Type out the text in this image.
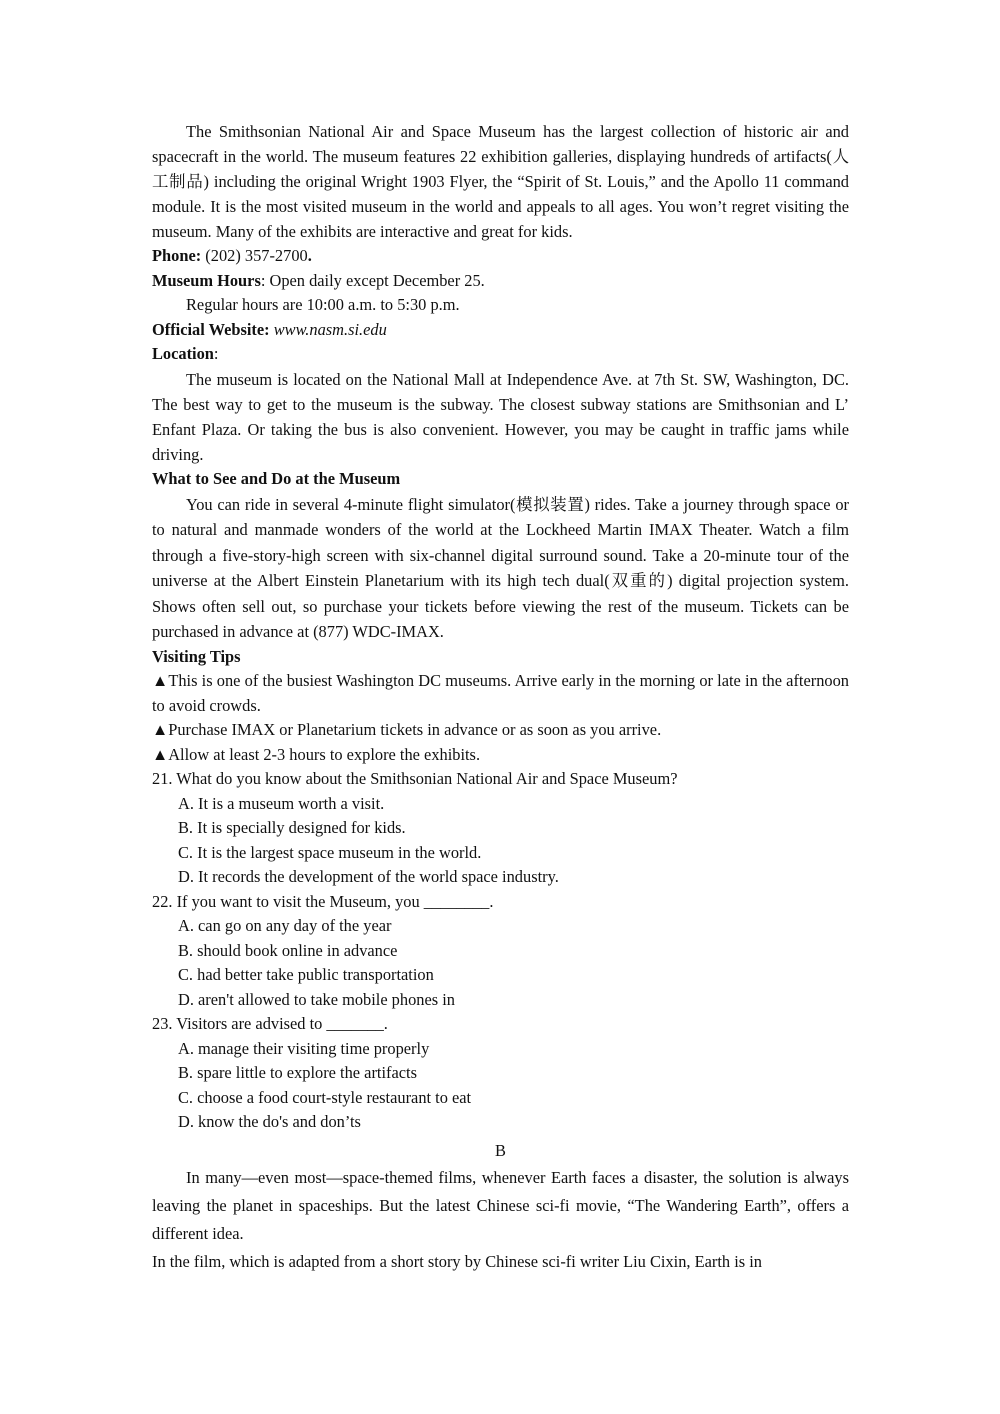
The Smithsonian National Air and Space Museum has the largest collection of historic air and spacecraft in the world. The museum features 22 exhibition galleries, displaying hundreds of artifacts(人工制品) including the original Wright 1903 Flyer, the “Spirit of St. Louis,” and the Apollo 11 command module. It is the most visited museum in the world and appeals to all ages. You won’t regret visiting the museum. Many of the exhibits are interactive and great for kids.

Phone: (202) 357-2700.

Museum Hours: Open daily except December 25.

Regular hours are 10:00 a.m. to 5:30 p.m.

Official Website: www.nasm.si.edu

Location:

The museum is located on the National Mall at Independence Ave. at 7th St. SW, Washington, DC. The best way to get to the museum is the subway. The closest subway stations are Smithsonian and L’ Enfant Plaza. Or taking the bus is also convenient. However, you may be caught in traffic jams while driving.

What to See and Do at the Museum

You can ride in several 4-minute flight simulator(模拟装置) rides. Take a journey through space or to natural and manmade wonders of the world at the Lockheed Martin IMAX Theater. Watch a film through a five-story-high screen with six-channel digital surround sound. Take a 20-minute tour of the universe at the Albert Einstein Planetarium with its high tech dual(双重的) digital projection system. Shows often sell out, so purchase your tickets before viewing the rest of the museum. Tickets can be purchased in advance at (877) WDC-IMAX.

Visiting Tips

▲This is one of the busiest Washington DC museums. Arrive early in the morning or late in the afternoon to avoid crowds.

▲Purchase IMAX or Planetarium tickets in advance or as soon as you arrive.

▲Allow at least 2-3 hours to explore the exhibits.

21. What do you know about the Smithsonian National Air and Space Museum?

A. It is a museum worth a visit.

B. It is specially designed for kids.

C. It is the largest space museum in the world.

D. It records the development of the world space industry.

22. If you want to visit the Museum, you ________.

A. can go on any day of the year

B. should book online in advance

C. had better take public transportation

D. aren't allowed to take mobile phones in

23. Visitors are advised to _______.

A. manage their visiting time properly

B. spare little to explore the artifacts

C. choose a food court-style restaurant to eat

D. know the do's and don’ts

B

In many—even most—space-themed films, whenever Earth faces a disaster, the solution is always leaving the planet in spaceships. But the latest Chinese sci-fi movie, “The Wandering Earth”, offers a different idea.

In the film, which is adapted from a short story by Chinese sci-fi writer Liu Cixin, Earth is in
